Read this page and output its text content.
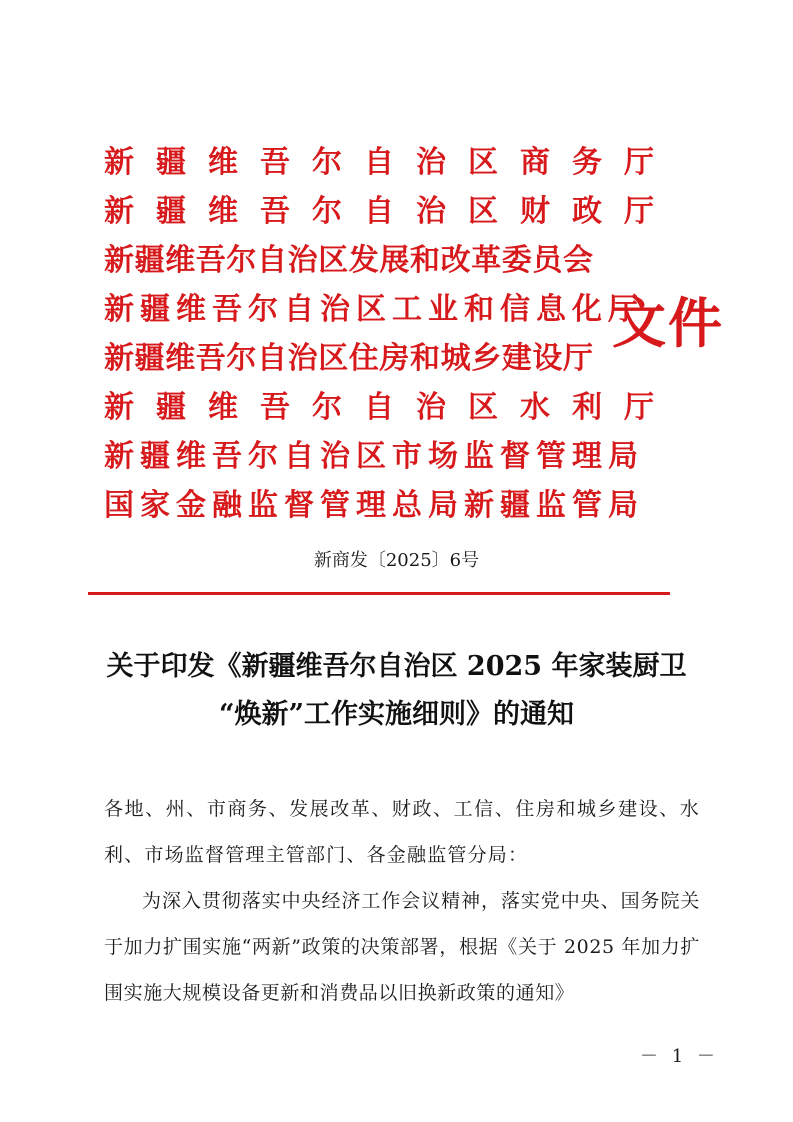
新疆维吾尔自治区商务厅
新疆维吾尔自治区财政厅
新疆维吾尔自治区发展和改革委员会
新疆维吾尔自治区工业和信息化厅
新疆维吾尔自治区住房和城乡建设厅
新疆维吾尔自治区水利厅
新疆维吾尔自治区市场监督管理局
国家金融监督管理总局新疆监管局
文件
新商发〔2025〕6号
关于印发《新疆维吾尔自治区 2025 年家装厨卫
“焕新”工作实施细则》的通知

各地、州、市商务、发展改革、财政、工信、住房和城乡建设、水利、市场监督管理主管部门、各金融监管分局：

为深入贯彻落实中央经济工作会议精神，落实党中央、国务院关于加力扩围实施“两新”政策的决策部署，根据《关于 2025 年加力扩围实施大规模设备更新和消费品以旧换新政策的通知》

－ 1 －
